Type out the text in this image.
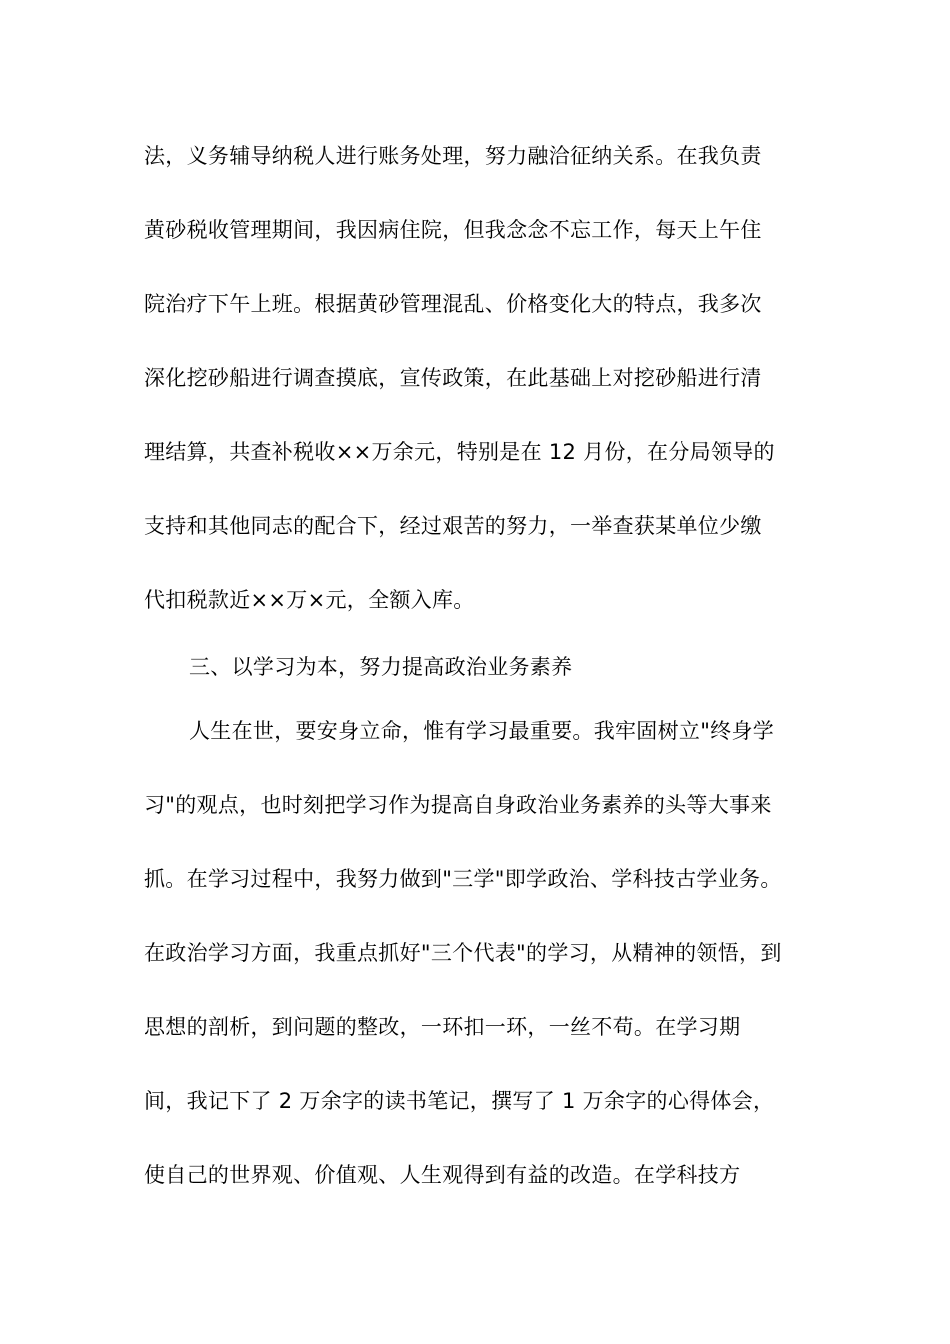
法，义务辅导纳税人进行账务处理，努力融洽征纳关系。在我负责
黄砂税收管理期间，我因病住院，但我念念不忘工作，每天上午住
院治疗下午上班。根据黄砂管理混乱、价格变化大的特点，我多次
深化挖砂船进行调查摸底，宣传政策，在此基础上对挖砂船进行清
理结算，共查补税收××万余元，特别是在 12 月份，在分局领导的
支持和其他同志的配合下，经过艰苦的努力，一举查获某单位少缴
代扣税款近××万×元，全额入库。
三、以学习为本，努力提高政治业务素养
人生在世，要安身立命，惟有学习最重要。我牢固树立"终身学
习"的观点，也时刻把学习作为提高自身政治业务素养的头等大事来
抓。在学习过程中，我努力做到"三学"即学政治、学科技古学业务。
在政治学习方面，我重点抓好"三个代表"的学习，从精神的领悟，到
思想的剖析，到问题的整改，一环扣一环，一丝不苟。在学习期
间，我记下了 2 万余字的读书笔记，撰写了 1 万余字的心得体会，
使自己的世界观、价值观、人生观得到有益的改造。在学科技方
